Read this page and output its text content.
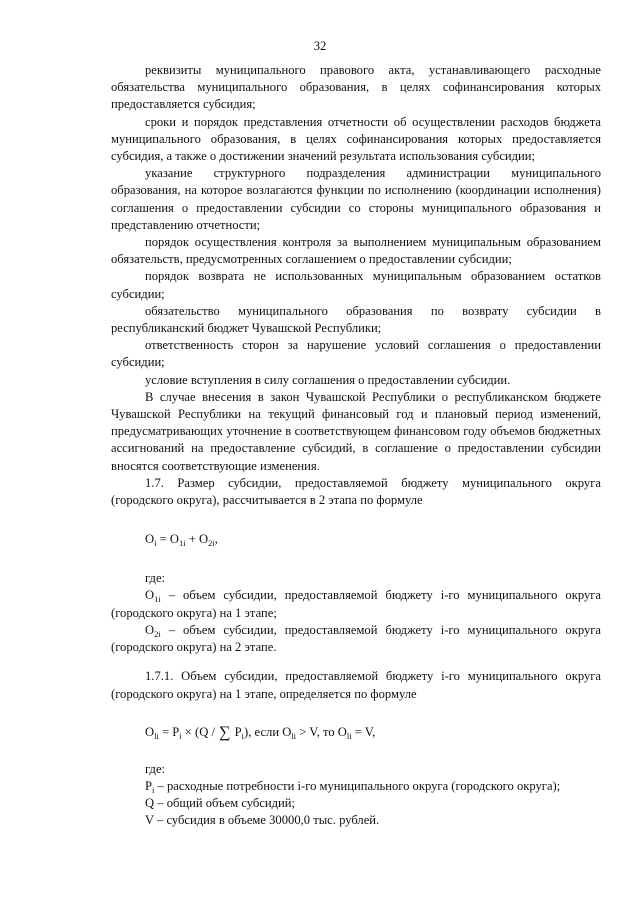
32

реквизиты муниципального правового акта, устанавливающего расходные обязательства муниципального образования, в целях софинансирования которых предоставляется субсидия;

сроки и порядок представления отчетности об осуществлении расходов бюджета муниципального образования, в целях софинансирования которых предоставляется субсидия, а также о достижении значений результата использования субсидии;

указание структурного подразделения администрации муниципального образования, на которое возлагаются функции по исполнению (координации исполнения) соглашения о предоставлении субсидии со стороны муниципального образования и представлению отчетности;

порядок осуществления контроля за выполнением муниципальным образованием обязательств, предусмотренных соглашением о предоставлении субсидии;

порядок возврата не использованных муниципальным образованием остатков субсидии;

обязательство муниципального образования по возврату субсидии в республиканский бюджет Чувашской Республики;

ответственность сторон за нарушение условий соглашения о предоставлении субсидии;

условие вступления в силу соглашения о предоставлении субсидии.

В случае внесения в закон Чувашской Республики о республиканском бюджете Чувашской Республики на текущий финансовый год и плановый период изменений, предусматривающих уточнение в соответствующем финансовом году объемов бюджетных ассигнований на предоставление субсидий, в соглашение о предоставлении субсидии вносятся соответствующие изменения.

1.7. Размер субсидии, предоставляемой бюджету муниципального округа (городского округа), рассчитывается в 2 этапа по формуле

$O_i = O_{1i} + O_{2i}$,

где:

$O_{1i}$ – объем субсидии, предоставляемой бюджету i-го муниципального округа (городского округа) на 1 этапе;

$O_{2i}$ – объем субсидии, предоставляемой бюджету i-го муниципального округа (городского округа) на 2 этапе.

1.7.1. Объем субсидии, предоставляемой бюджету i-го муниципального округа (городского округа) на 1 этапе, определяется по формуле

$O_{li} = P_i \times (Q$ / ∑ $P_i$), если $O_{li} > V$, то $O_{li} = V$,

где:

$P_i$ – расходные потребности i-го муниципального округа (городского округа);

Q – общий объем субсидий;

V – субсидия в объеме 30000,0 тыс. рублей.
